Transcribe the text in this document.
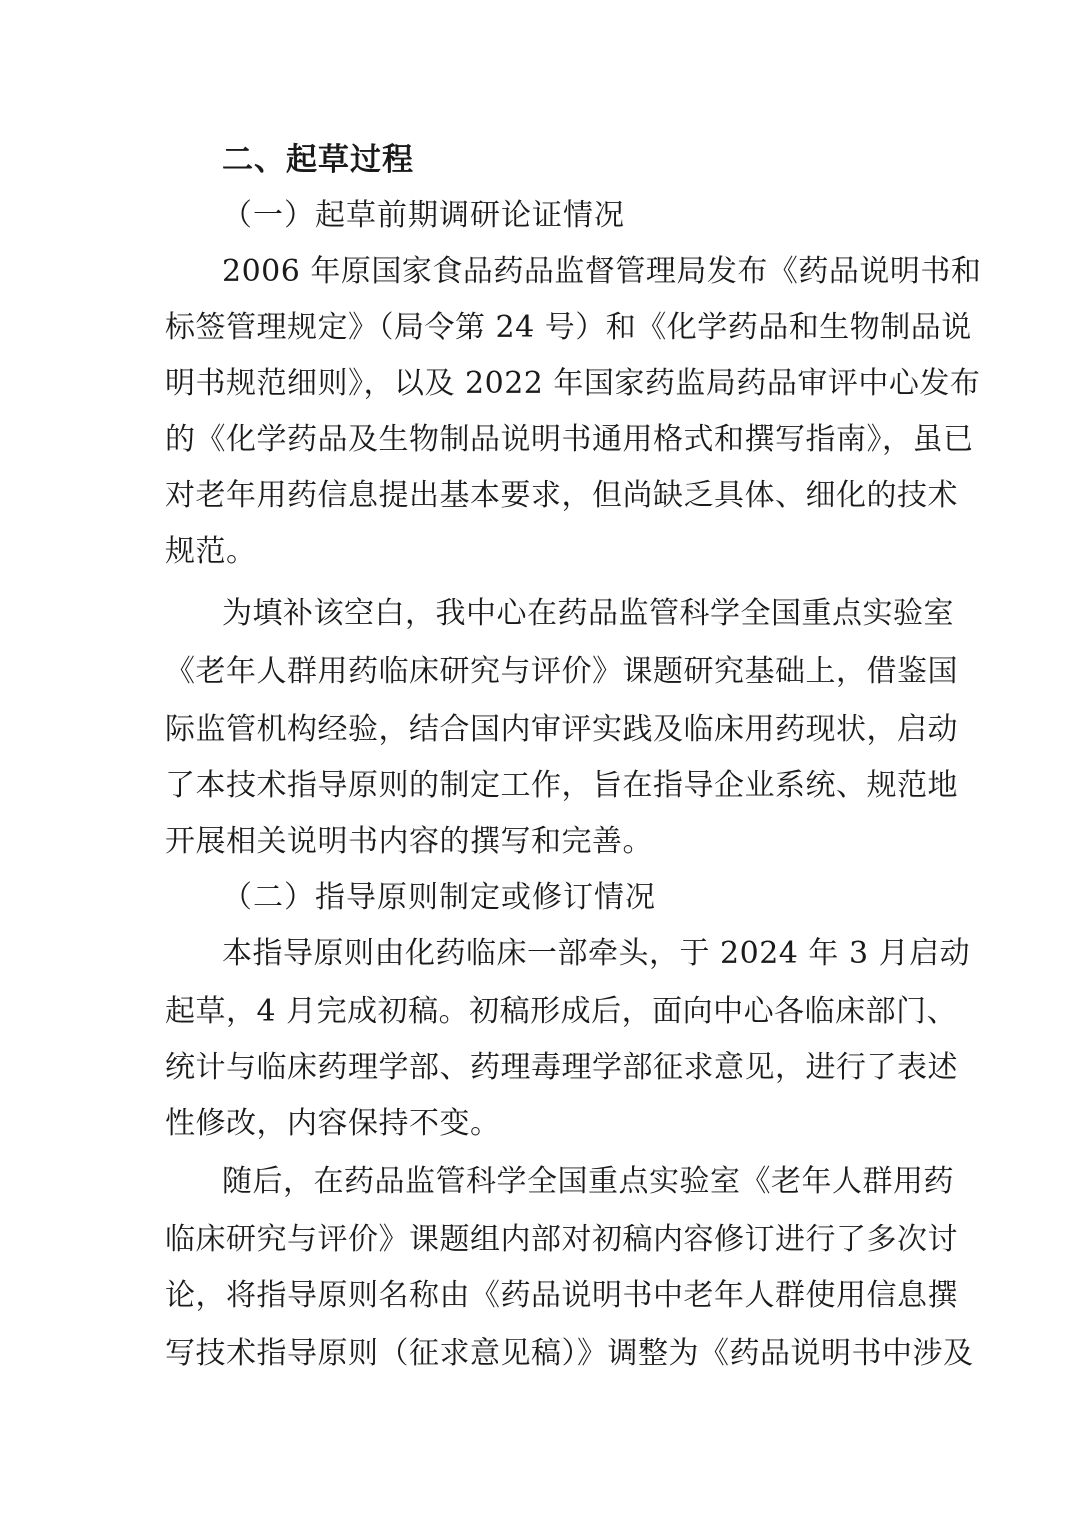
二、起草过程
（一）起草前期调研论证情况
2006 年原国家食品药品监督管理局发布《药品说明书和
标签管理规定》（局令第 24 号）和《化学药品和生物制品说
明书规范细则》，以及 2022 年国家药监局药品审评中心发布
的《化学药品及生物制品说明书通用格式和撰写指南》，虽已
对老年用药信息提出基本要求，但尚缺乏具体、细化的技术
规范。
为填补该空白，我中心在药品监管科学全国重点实验室
《老年人群用药临床研究与评价》课题研究基础上，借鉴国
际监管机构经验，结合国内审评实践及临床用药现状，启动
了本技术指导原则的制定工作，旨在指导企业系统、规范地
开展相关说明书内容的撰写和完善。
（二）指导原则制定或修订情况
本指导原则由化药临床一部牵头，于 2024 年 3 月启动
起草，4 月完成初稿。初稿形成后，面向中心各临床部门、
统计与临床药理学部、药理毒理学部征求意见，进行了表述
性修改，内容保持不变。
随后，在药品监管科学全国重点实验室《老年人群用药
临床研究与评价》课题组内部对初稿内容修订进行了多次讨
论，将指导原则名称由《药品说明书中老年人群使用信息撰
写技术指导原则（征求意见稿）》调整为《药品说明书中涉及
